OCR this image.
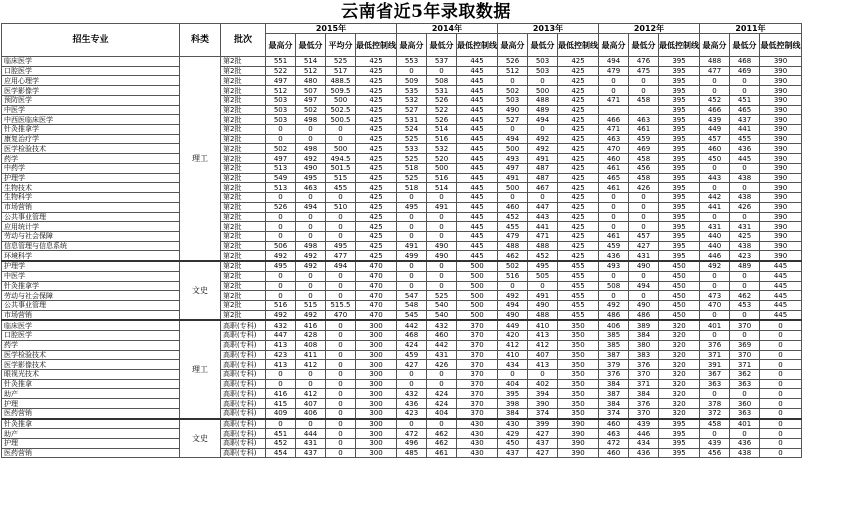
云南省近5年录取数据
招生专业	科类	批次	2015年				2014年			2013年			2012年			2011年		
			最高分	最低分	平均分	最低控制线	最高分	最低分	最低控制线	最高分	最低分	最低控制线	最高分	最低分	最低控制线	最高分	最低分	最低控制线
临床医学	理工	第2批	551	514	525	425	553	537	445	526	503	425	494	476	395	488	468	390
口腔医学		第2批	522	512	517	425	0	0	445	512	503	425	479	475	395	477	469	390
应用心理学		第2批	497	480	488.5	425	509	508	445	0	0	425	0	0	395	0	0	390
医学影像学		第2批	512	507	509.5	425	535	531	445	502	500	425	0	0	395	0	0	390
预防医学		第2批	503	497	500	425	532	526	445	503	488	425	471	458	395	452	451	390
中医学		第2批	503	502	502.5	425	527	522	445	490	489	425			395	466	465	390
中西医临床医学		第2批	503	498	500.5	425	531	526	445	527	494	425	466	463	395	439	437	390
针灸推拿学		第2批	0	0	0	425	524	514	445	0	0	425	471	461	395	449	441	390
康复治疗学		第2批	0	0	0	425	525	516	445	494	492	425	463	459	395	457	455	390
医学检验技术		第2批	502	498	500	425	533	532	445	500	492	425	470	469	395	460	436	390
药学		第2批	497	492	494.5	425	525	520	445	493	491	425	460	458	395	450	445	390
中药学		第2批	513	490	501.5	425	518	500	445	497	487	425	461	456	395	0	0	390
护理学		第2批	549	495	515	425	525	516	445	491	487	425	465	458	395	443	438	390
生物技术		第2批	513	463	455	425	518	514	445	500	467	425	461	426	395	0	0	390
生物科学		第2批	0	0	0	425	0	0	445	0	0	425	0	0	395	442	438	390
市场营销		第2批	526	494	510	425	495	491	445	460	447	425	0	0	395	441	426	390
公共事业管理		第2批	0	0	0	425	0	0	445	452	443	425	0	0	395	0	0	390
应用统计学		第2批	0	0	0	425	0	0	445	455	441	425	0	0	395	431	431	390
劳动与社会保障		第2批	0	0	0	425	0	0	445	479	471	425	461	457	395	440	425	390
信息管理与信息系统		第2批	506	498	495	425	491	490	445	488	488	425	459	427	395	440	438	390
环境科学		第2批	492	492	477	425	499	490	445	462	452	425	436	431	395	446	423	390
护理学	文史	第2批	495	492	494	470	0	0	500	502	495	455	493	490	450	492	489	445
中医学		第2批	0	0	0	470	0	0	500	516	505	455	0	0	450	0	0	445
针灸推拿学		第2批	0	0	0	470	0	0	500	0	0	455	508	494	450	0	0	445
劳动与社会保障		第2批	0	0	0	470	547	525	500	492	491	455	0	0	450	473	462	445
公共事业管理		第2批	516	515	515.5	470	548	540	500	494	490	455	492	490	450	470	453	445
市场营销		第2批	492	492	470	470	545	540	500	490	488	455	486	486	450	0	0	445
临床医学	理工	高职(专科)	432	416	0	300	442	432	370	449	410	350	406	389	320	401	370	0
口腔医学		高职(专科)	447	428	0	300	468	460	370	420	413	350	385	384	320	0	0	0
药学		高职(专科)	413	408	0	300	424	442	370	412	412	350	385	380	320	376	369	0
医学检验技术		高职(专科)	423	411	0	300	459	431	370	410	407	350	387	383	320	371	370	0
医学影像技术		高职(专科)	413	412	0	300	427	426	370	434	413	350	379	376	320	391	371	0
眼视光技术		高职(专科)	0	0	0	300	0	0	370	0	0	350	376	370	320	367	362	0
针灸推拿		高职(专科)	0	0	0	300	0	0	370	404	402	350	384	371	320	363	363	0
助产		高职(专科)	416	412	0	300	432	424	370	395	394	350	387	384	320	0	0	0
护理		高职(专科)	415	407	0	300	436	424	370	398	390	350	384	376	320	378	360	0
医药营销		高职(专科)	409	406	0	300	423	404	370	384	374	350	374	370	320	372	363	0
针灸推拿	文史	高职(专科)	0	0	0	300	0	0	430	430	399	390	460	439	395	458	401	0
助产		高职(专科)	451	444	0	300	472	462	430	429	427	390	463	446	395	0	0	0
护理		高职(专科)	452	431	0	300	496	462	430	450	437	390	472	434	395	439	436	0
医药营销		高职(专科)	454	437	0	300	485	461	430	437	427	390	460	436	395	456	438	0
